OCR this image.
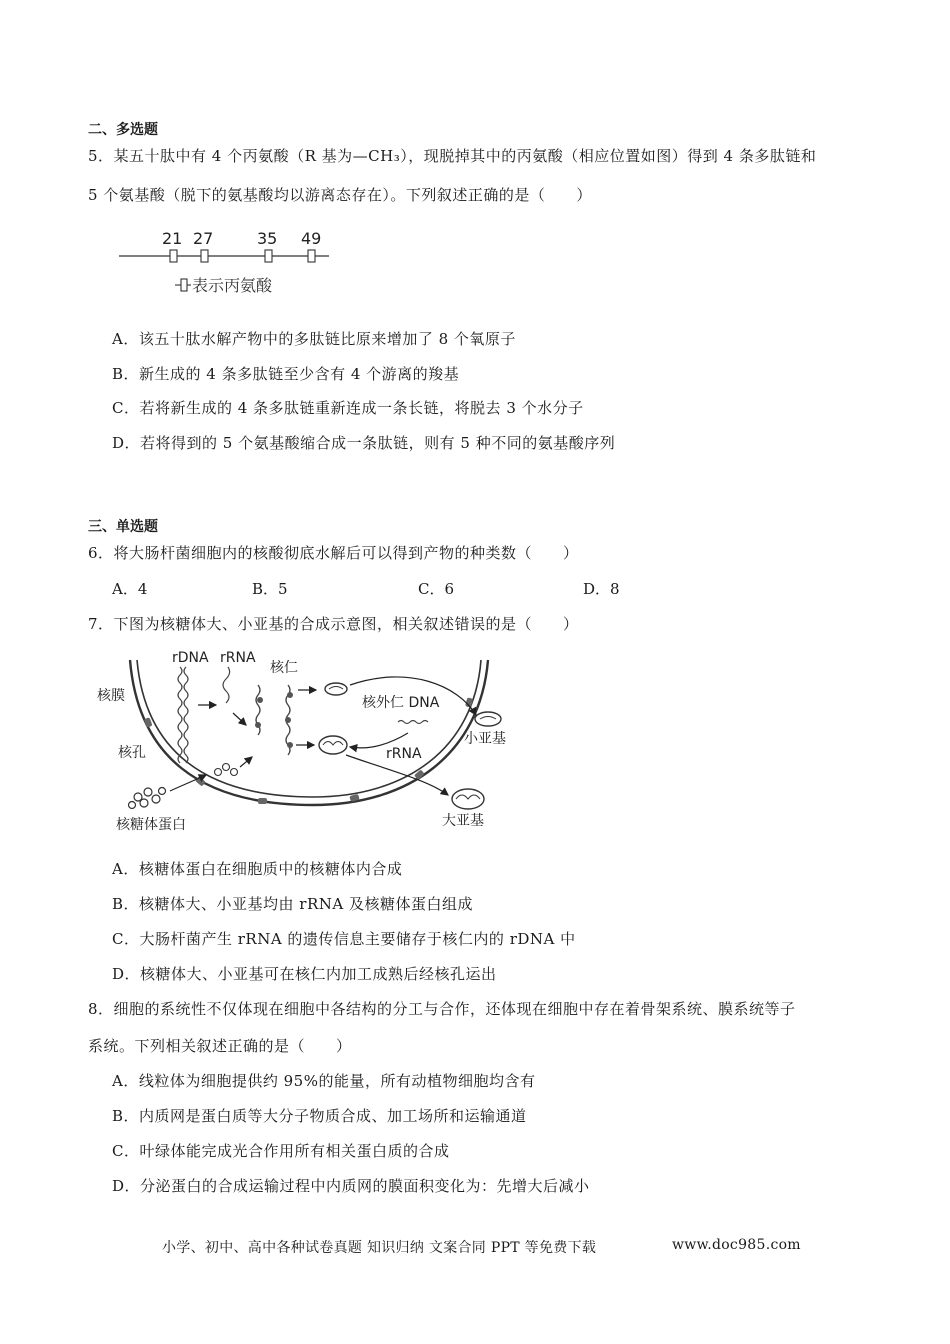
二、多选题
5．某五十肽中有 4 个丙氨酸（R 基为—CH₃），现脱掉其中的丙氨酸（相应位置如图）得到 4 条多肽链和
5 个氨基酸（脱下的氨基酸均以游离态存在）。下列叙述正确的是（　　）
21 27	35 49
表示丙氨酸
A．该五十肽水解产物中的多肽链比原来增加了 8 个氧原子
B．新生成的 4 条多肽链至少含有 4 个游离的羧基
C．若将新生成的 4 条多肽链重新连成一条长链，将脱去 3 个水分子
D．若将得到的 5 个氨基酸缩合成一条肽链，则有 5 种不同的氨基酸序列
三、单选题
6．将大肠杆菌细胞内的核酸彻底水解后可以得到产物的种类数（　　）
A．4	B．5	C．6	D．8
7．下图为核糖体大、小亚基的合成示意图，相关叙述错误的是（　　）
rDNA rRNA
核仁
核膜	核外仁 DNA
小亚基
核孔	rRNA
核糖体蛋白	大亚基
A．核糖体蛋白在细胞质中的核糖体内合成
B．核糖体大、小亚基均由 rRNA 及核糖体蛋白组成
C．大肠杆菌产生 rRNA 的遗传信息主要储存于核仁内的 rDNA 中
D．核糖体大、小亚基可在核仁内加工成熟后经核孔运出
8．细胞的系统性不仅体现在细胞中各结构的分工与合作，还体现在细胞中存在着骨架系统、膜系统等子
系统。下列相关叙述正确的是（　　）
A．线粒体为细胞提供约 95%的能量，所有动植物细胞均含有
B．内质网是蛋白质等大分子物质合成、加工场所和运输通道
C．叶绿体能完成光合作用所有相关蛋白质的合成
D．分泌蛋白的合成运输过程中内质网的膜面积变化为：先增大后减小
小学、初中、高中各种试卷真题 知识归纳 文案合同 PPT 等免费下载	www.doc985.com
